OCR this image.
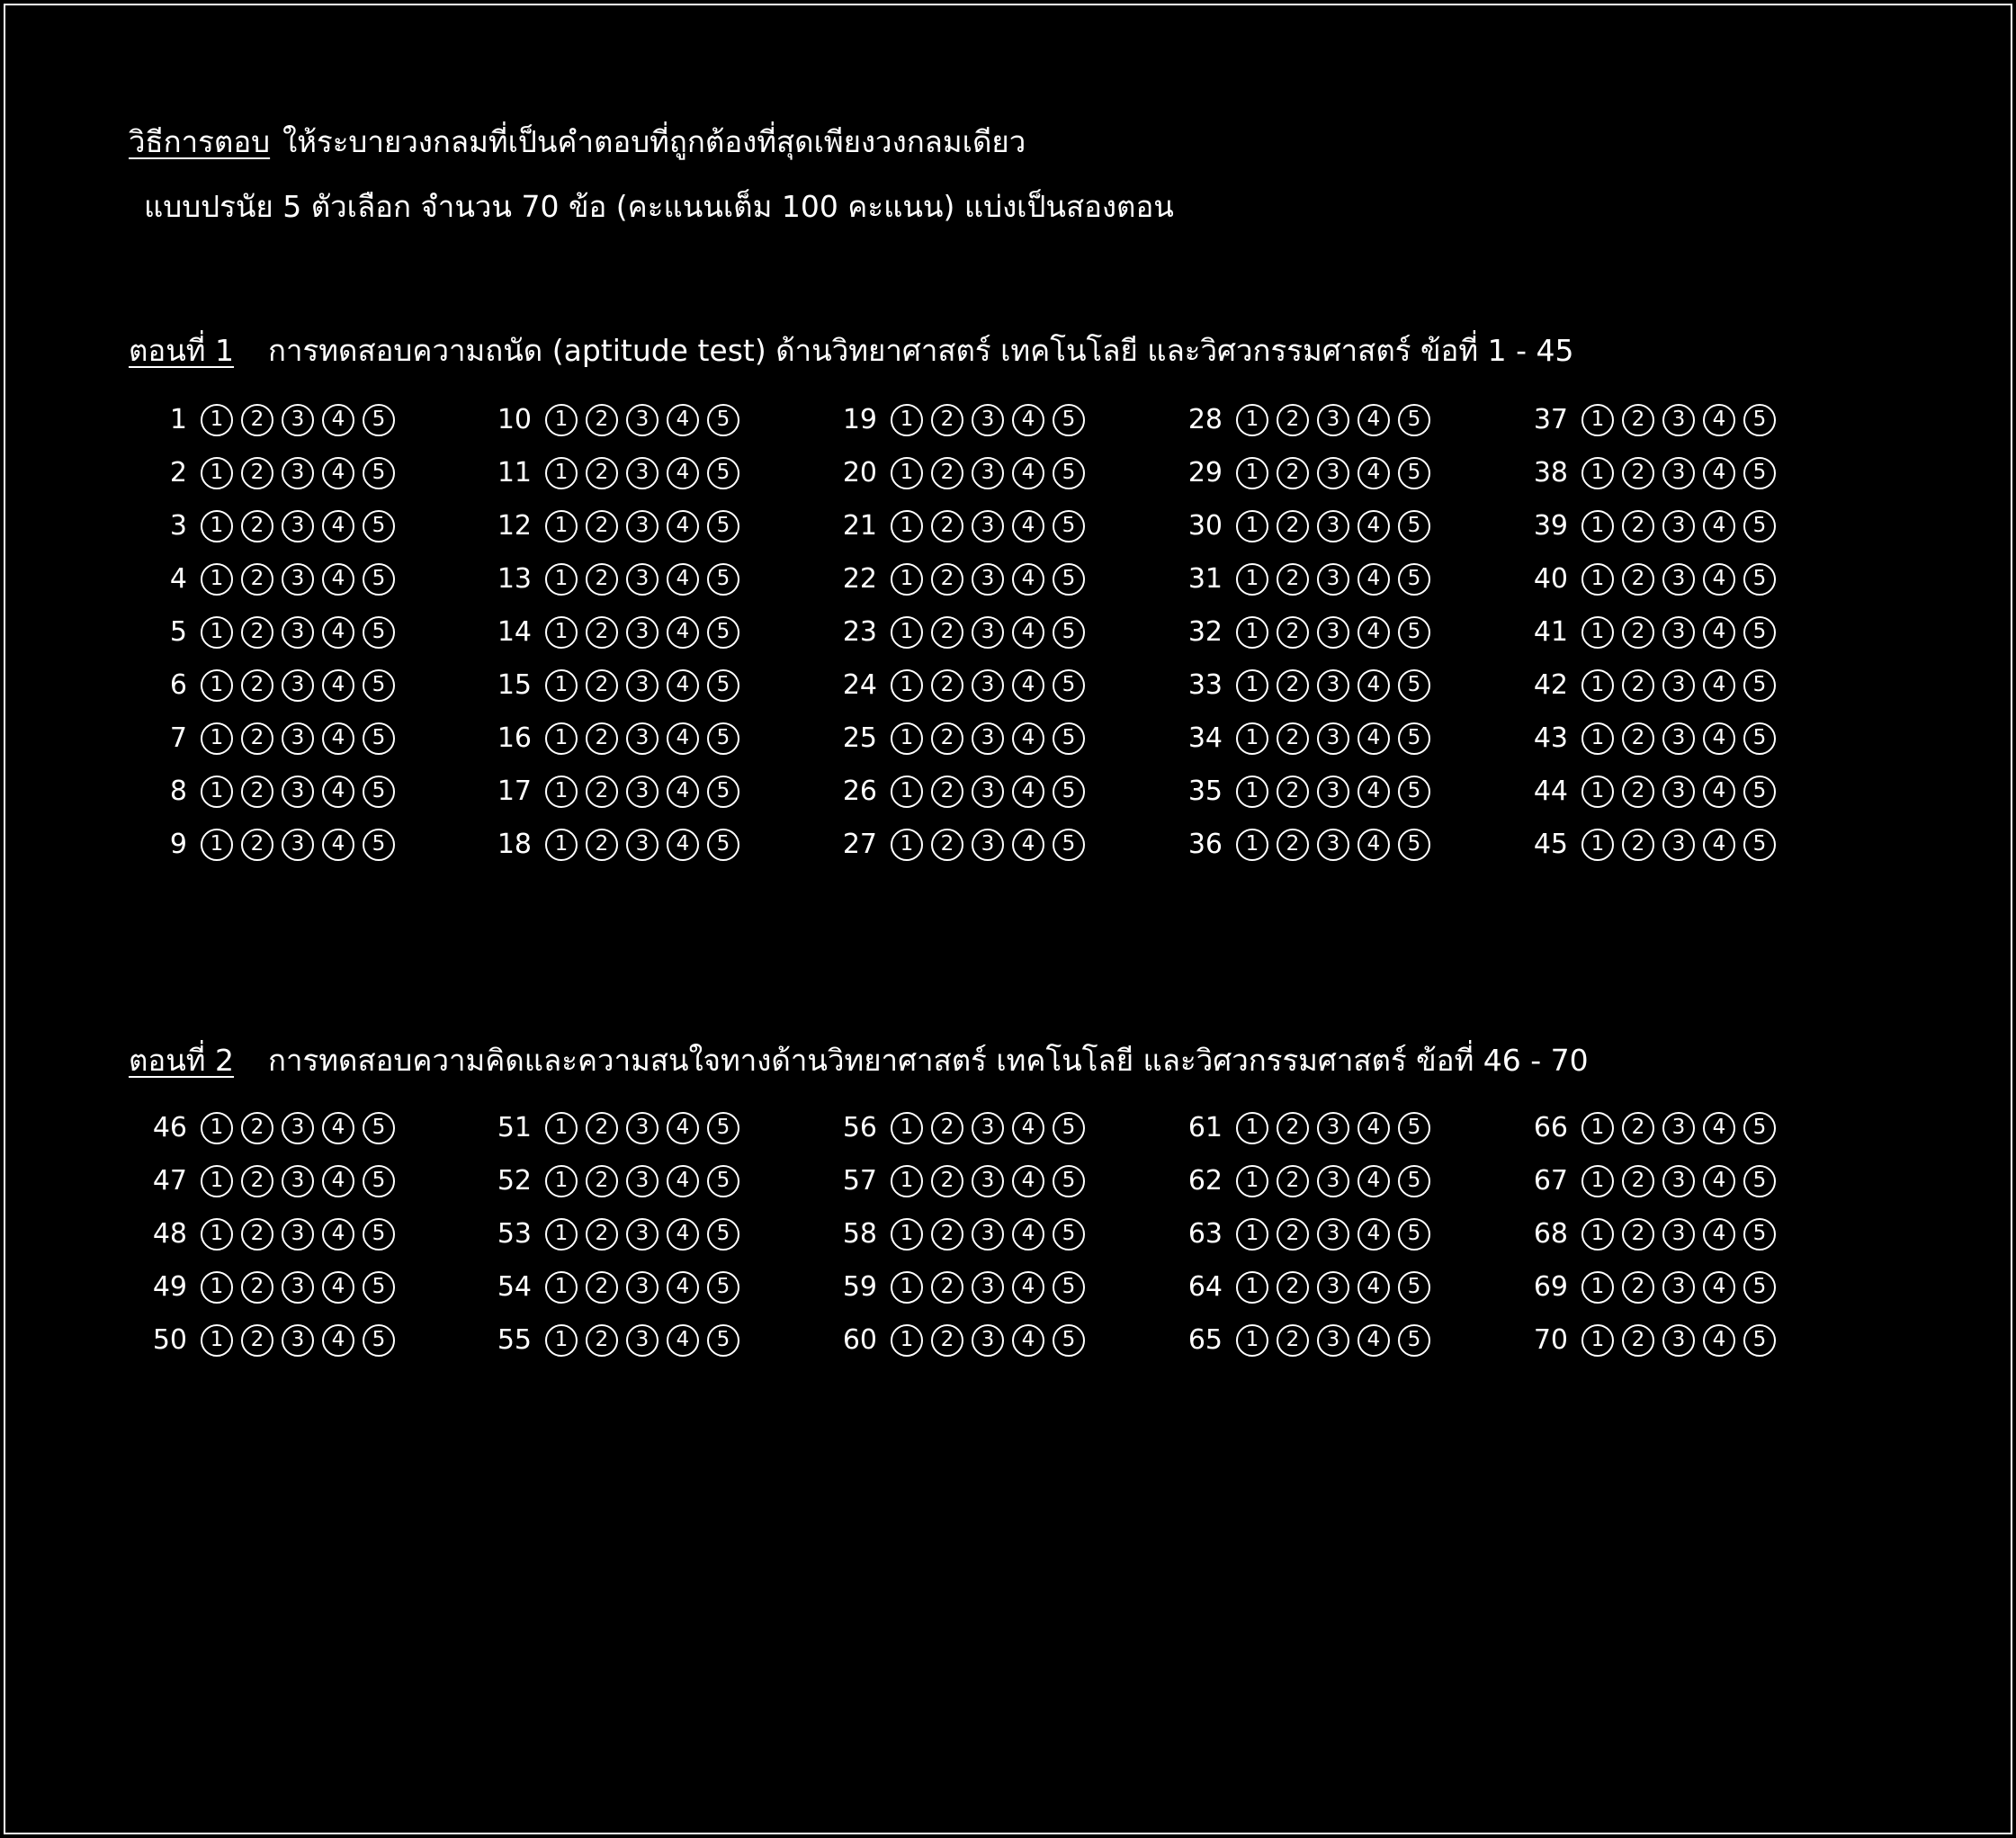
วิธีการตอบ ให้ระบายวงกลมที่เป็นคำตอบที่ถูกต้องที่สุดเพียงวงกลมเดียว
แบบปรนัย 5 ตัวเลือก จำนวน 70 ข้อ (คะแนนเต็ม 100 คะแนน) แบ่งเป็นสองตอน
ตอนที่ 1 การทดสอบความถนัด (aptitude test) ด้านวิทยาศาสตร์ เทคโนโลยี และวิศวกรรมศาสตร์ ข้อที่ 1 - 45
1	1	2	3	4	5
2	1	2	3	4	5
3	1	2	3	4	5
4	1	2	3	4	5
5	1	2	3	4	5
6	1	2	3	4	5
7	1	2	3	4	5
8	1	2	3	4	5
9	1	2	3	4	5
10	1	2	3	4	5
11	1	2	3	4	5
12	1	2	3	4	5
13	1	2	3	4	5
14	1	2	3	4	5
15	1	2	3	4	5
16	1	2	3	4	5
17	1	2	3	4	5
18	1	2	3	4	5
19	1	2	3	4	5
20	1	2	3	4	5
21	1	2	3	4	5
22	1	2	3	4	5
23	1	2	3	4	5
24	1	2	3	4	5
25	1	2	3	4	5
26	1	2	3	4	5
27	1	2	3	4	5
28	1	2	3	4	5
29	1	2	3	4	5
30	1	2	3	4	5
31	1	2	3	4	5
32	1	2	3	4	5
33	1	2	3	4	5
34	1	2	3	4	5
35	1	2	3	4	5
36	1	2	3	4	5
37	1	2	3	4	5
38	1	2	3	4	5
39	1	2	3	4	5
40	1	2	3	4	5
41	1	2	3	4	5
42	1	2	3	4	5
43	1	2	3	4	5
44	1	2	3	4	5
45	1	2	3	4	5
ตอนที่ 2 การทดสอบความคิดและความสนใจทางด้านวิทยาศาสตร์ เทคโนโลยี และวิศวกรรมศาสตร์ ข้อที่ 46 - 70
46	1	2	3	4	5
47	1	2	3	4	5
48	1	2	3	4	5
49	1	2	3	4	5
50	1	2	3	4	5
51	1	2	3	4	5
52	1	2	3	4	5
53	1	2	3	4	5
54	1	2	3	4	5
55	1	2	3	4	5
56	1	2	3	4	5
57	1	2	3	4	5
58	1	2	3	4	5
59	1	2	3	4	5
60	1	2	3	4	5
61	1	2	3	4	5
62	1	2	3	4	5
63	1	2	3	4	5
64	1	2	3	4	5
65	1	2	3	4	5
66	1	2	3	4	5
67	1	2	3	4	5
68	1	2	3	4	5
69	1	2	3	4	5
70	1	2	3	4	5
